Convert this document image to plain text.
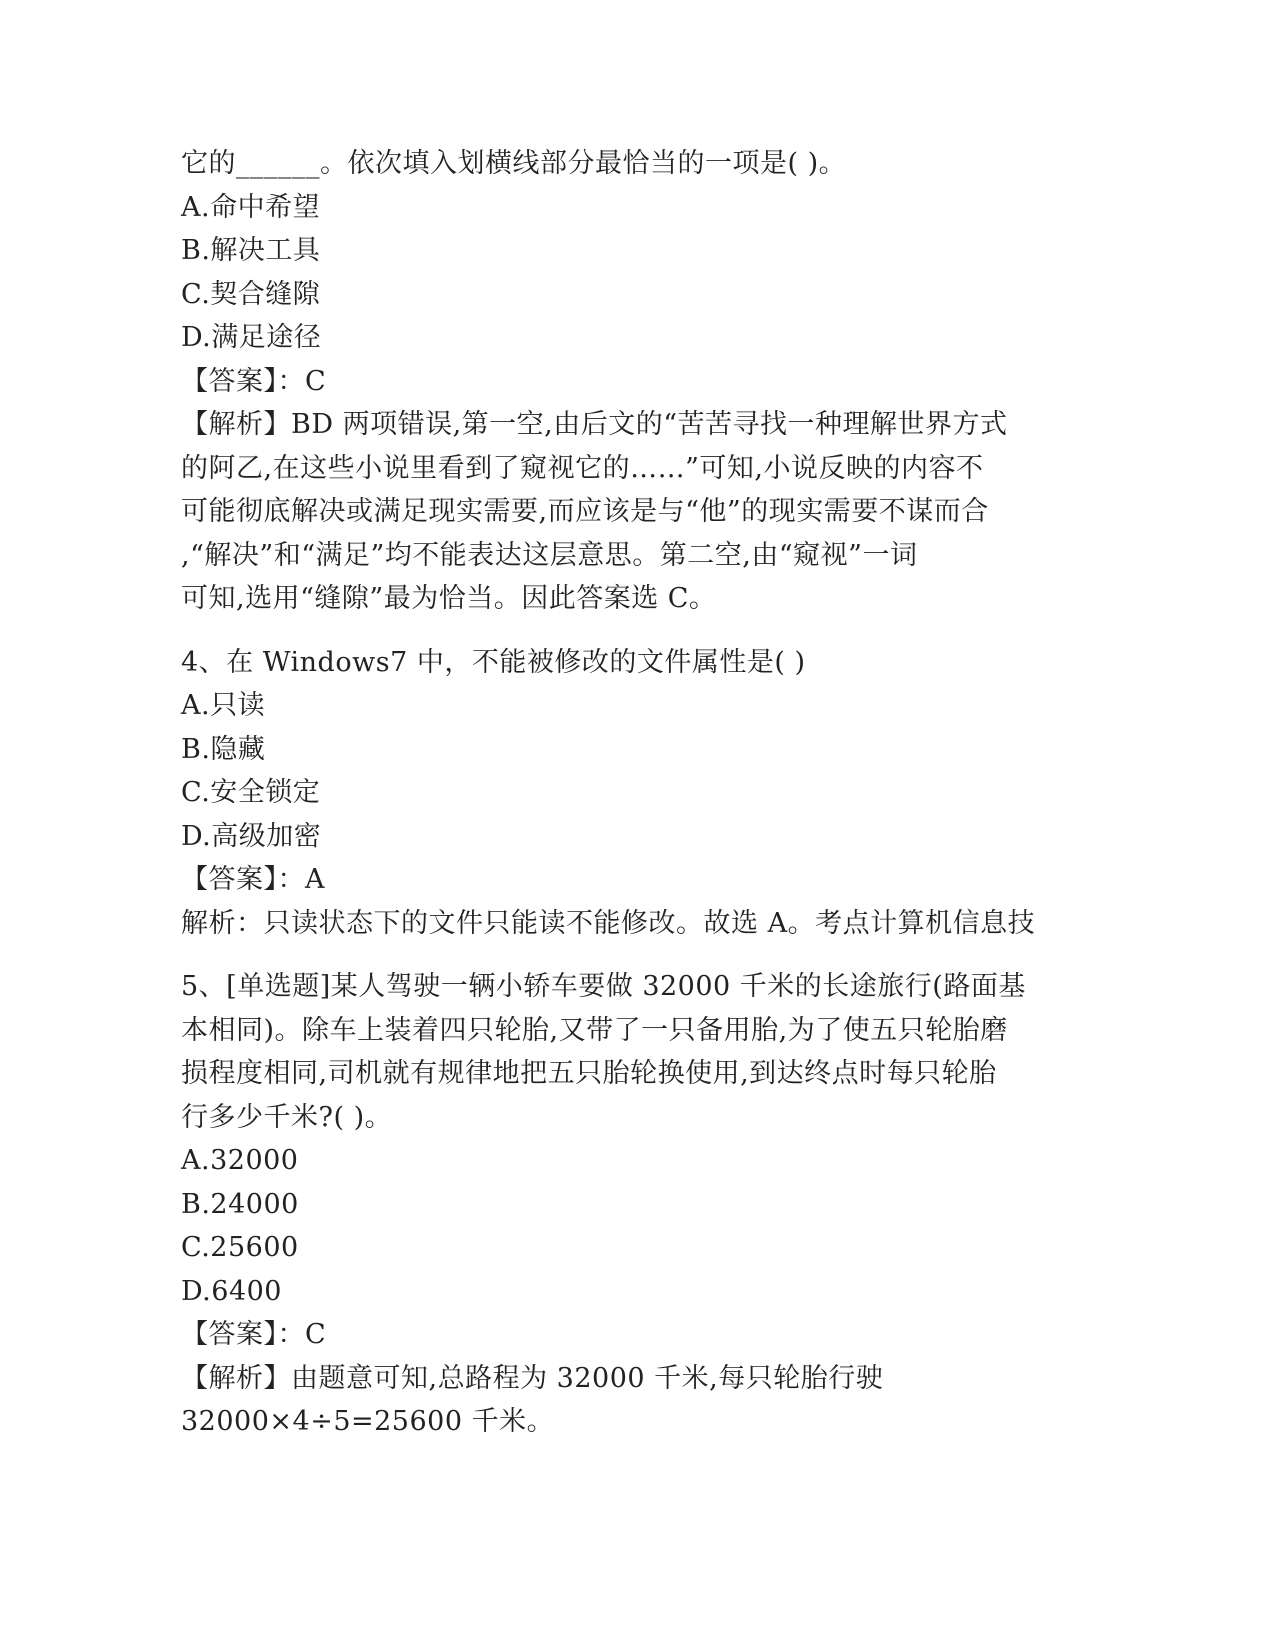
它的______。依次填入划横线部分最恰当的一项是( )。
A.命中希望
B.解决工具
C.契合缝隙
D.满足途径
【答案】：C
【解析】BD 两项错误,第一空,由后文的“苦苦寻找一种理解世界方式
的阿乙,在这些小说里看到了窥视它的……”可知,小说反映的内容不
可能彻底解决或满足现实需要,而应该是与“他”的现实需要不谋而合
,“解决”和“满足”均不能表达这层意思。第二空,由“窥视”一词
可知,选用“缝隙”最为恰当。因此答案选 C。
4、在 Windows7 中，不能被修改的文件属性是( )
A.只读
B.隐藏
C.安全锁定
D.高级加密
【答案】：A
解析：只读状态下的文件只能读不能修改。故选 A。考点计算机信息技
5、[单选题]某人驾驶一辆小轿车要做 32000 千米的长途旅行(路面基
本相同)。除车上装着四只轮胎,又带了一只备用胎,为了使五只轮胎磨
损程度相同,司机就有规律地把五只胎轮换使用,到达终点时每只轮胎
行多少千米?( )。
A.32000
B.24000
C.25600
D.6400
【答案】：C
【解析】由题意可知,总路程为 32000 千米,每只轮胎行驶
32000×4÷5=25600 千米。
